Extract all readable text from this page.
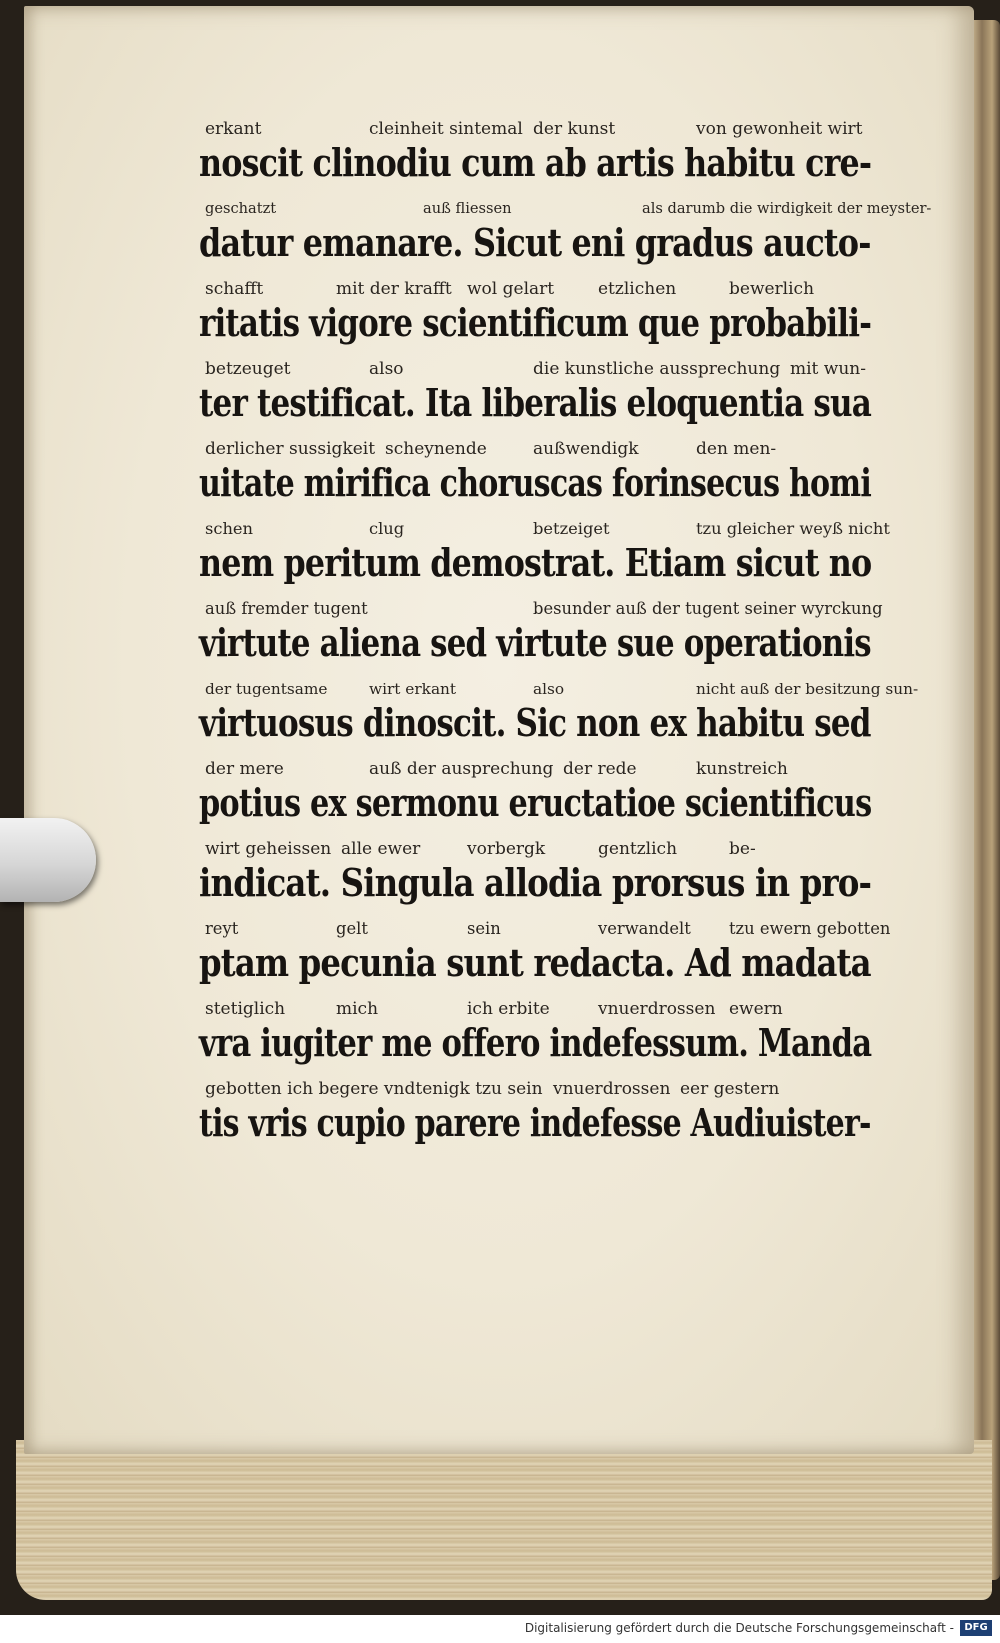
erkant	cleinheit sintemal der kunst	von gewonheit wirt
noscit clinodiu cum ab artis habitu cre-
geschatzt	auß fliessen	als darumb die wirdigkeit der meyster-
datur emanare. Sicut eni gradus aucto-
schafft	mit der krafft wol gelart	etzlichen	bewerlich
ritatis vigore scientificum que probabili-
betzeuget	also	die kunstliche aussprechung mit wun-
ter testificat. Ita liberalis eloquentia sua
derlicher sussigkeit scheynende	außwendigk	den men-
uitate mirifica choruscas forinsecus homi
schen	clug	betzeiget	tzu gleicher weyß nicht
nem peritum demostrat. Etiam sicut no
auß fremder tugent	besunder auß der tugent seiner wyrckung
virtute aliena sed virtute sue operationis
der tugentsame	wirt erkant	also	nicht auß der besitzung sun-
virtuosus dinoscit. Sic non ex habitu sed
der mere	auß der ausprechung der rede	kunstreich
potius ex sermonu eructatioe scientificus
wirt geheissen alle ewer	vorbergk	gentzlich	be-
indicat. Singula allodia prorsus in pro-
reyt	gelt	sein	verwandelt tzu ewern gebotten
ptam pecunia sunt redacta. Ad madata
stetiglich	mich	ich erbite	vnuerdrossen ewern
vra iugiter me offero indefessum. Manda
gebotten ich begere vndtenigk tzu sein vnuerdrossen eer gestern
tis vris cupio parere indefesse Audiuister-
Digitalisierung gefördert durch die Deutsche Forschungsgemeinschaft -	DFG
